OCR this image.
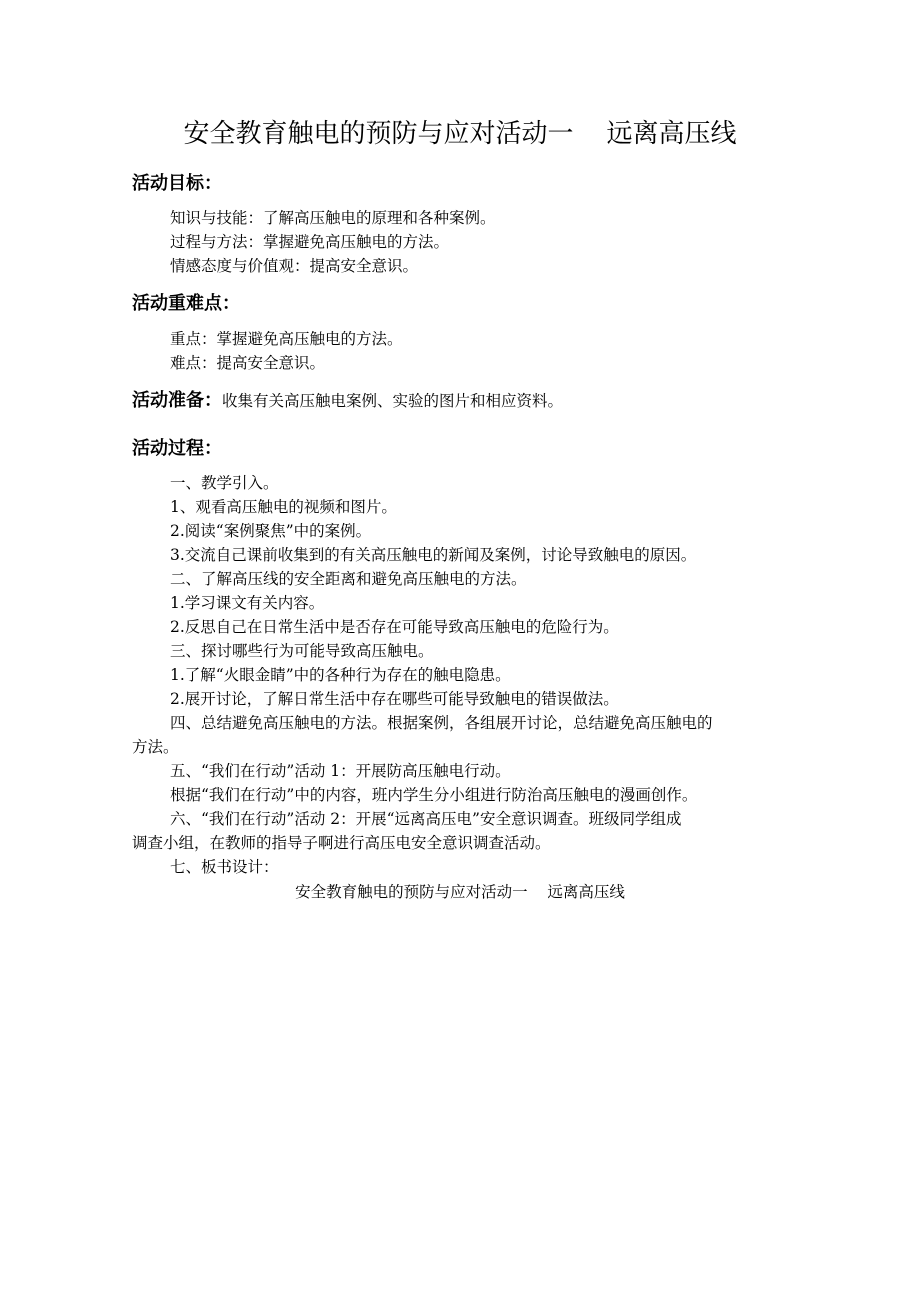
安全教育触电的预防与应对活动一    远离高压线
活动目标：
知识与技能：了解高压触电的原理和各种案例。
过程与方法：掌握避免高压触电的方法。
情感态度与价值观：提高安全意识。
活动重难点：
重点：掌握避免高压触电的方法。
难点：提高安全意识。
活动准备：收集有关高压触电案例、实验的图片和相应资料。
活动过程：
一、教学引入。
1、观看高压触电的视频和图片。
2.阅读“案例聚焦”中的案例。
3.交流自己课前收集到的有关高压触电的新闻及案例，讨论导致触电的原因。
二、了解高压线的安全距离和避免高压触电的方法。
1.学习课文有关内容。
2.反思自己在日常生活中是否存在可能导致高压触电的危险行为。
三、探讨哪些行为可能导致高压触电。
1.了解“火眼金睛”中的各种行为存在的触电隐患。
2.展开讨论，了解日常生活中存在哪些可能导致触电的错误做法。
四、总结避免高压触电的方法。根据案例，各组展开讨论，总结避免高压触电的
方法。
五、“我们在行动”活动 1：开展防高压触电行动。
根据“我们在行动”中的内容，班内学生分小组进行防治高压触电的漫画创作。
六、“我们在行动”活动 2：开展“远离高压电”安全意识调查。班级同学组成
调查小组，在教师的指导子啊进行高压电安全意识调查活动。
七、板书设计：
安全教育触电的预防与应对活动一    远离高压线
